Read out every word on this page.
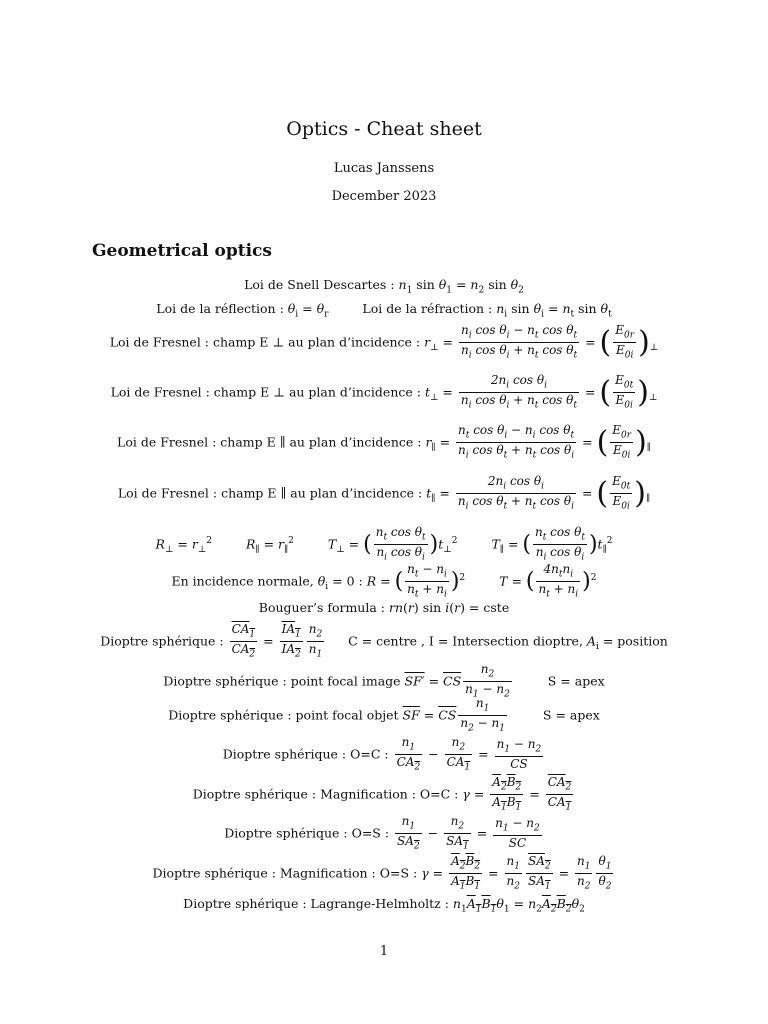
Optics - Cheat sheet
Lucas Janssens
December 2023
Geometrical optics
Loi de Snell Descartes : $n_1$ $\sin \theta_1 = n_2$ $\sin \theta_2$
Loi de la réflection : $\theta_i = \theta_r$	Loi de la réfraction : $n_i$ $\sin \theta_i = n_t$ $\sin \theta_t$
Loi de Fresnel : champ E ⊥ au plan d’incidence : $r_\perp = \frac{n_i \cos \theta_i - n_t \cos \theta_t}{n_i \cos \theta_i + n_t \cos \theta_t}$ = ( $\frac{E_{0r}}{E_{0i}} )_\perp$
Loi de Fresnel : champ E ⊥ au plan d’incidence : $t_\perp = \frac{2n_i \cos \theta_i}{n_i \cos \theta_i + n_t \cos \theta_t}$ = ( $\frac{E_{0t}}{E_{0i}} )_\perp$
Loi de Fresnel : champ E ∥ au plan d’incidence : $r_\parallel = \frac{n_t \cos \theta_i - n_i \cos \theta_t}{n_i \cos \theta_t + n_t \cos \theta_i}$ = ( $\frac{E_{0r}}{E_{0i}} )_\parallel$
Loi de Fresnel : champ E ∥ au plan d’incidence : $t_\parallel = \frac{2n_i \cos \theta_i}{n_i \cos \theta_t + n_t \cos \theta_i}$ = ( $\frac{E_{0t}}{E_{0i}} )_\parallel$
$R_\perp = r_\perp^2$	$R_\parallel = r_\parallel^2$	$T_\perp$ = ( $\frac{n_t \cos \theta_t}{n_i \cos \theta_i} )t_\perp^2$	$T_\parallel$ = ( $\frac{n_t \cos \theta_t}{n_i \cos \theta_i} )t_\parallel^2$
En incidence normale, $\theta_i = 0$ : R = ( $\frac{n_t - n_i}{n_t + n_i} )^2$	T = ( $\frac{4n_tn_i}{n_t + n_i} )^2$
Bouguer’s formula : rn(r) sin i(r) = cste
Dioptre sphérique : $\frac{CA_1}{CA_2} = \frac{IA_1}{IA_2} \frac{n_2}{n_1}$ C = centre , I = Intersection dioptre, $A_i$ = position
Dioptre sphérique : point focal image $SF' = \overline{CS} \frac{n_2}{n_1 - n_2}$	S = apex
Dioptre sphérique : point focal objet $\overline{SF} = \overline{CS} \frac{n_1}{n_2 - n_1}$	S = apex
Dioptre sphérique : O=C : $\frac{n_1}{CA_2} - \frac{n_2}{CA_1} = \frac{n_1 - n_2}{CS}$
Dioptre sphérique : Magnification : O=C : $\gamma = \frac{A_2B_2}{A_1B_1} = \frac{CA_2}{CA_1}$
Dioptre sphérique : O=S : $\frac{n_1}{SA_2} - \frac{n_2}{SA_1} = \frac{n_1 - n_2}{SC}$
Dioptre sphérique : Magnification : O=S : $\gamma = \frac{A_2B_2}{A_1B_1} = \frac{n_1}{n_2} \frac{SA_2}{SA_1} = \frac{n_1}{n_2} \frac{\theta_1}{\theta_2}$
Dioptre sphérique : Lagrange-Helmholtz : $n_1A_1B_1\theta_1 = n_2A_2B_2\theta_2$
1
